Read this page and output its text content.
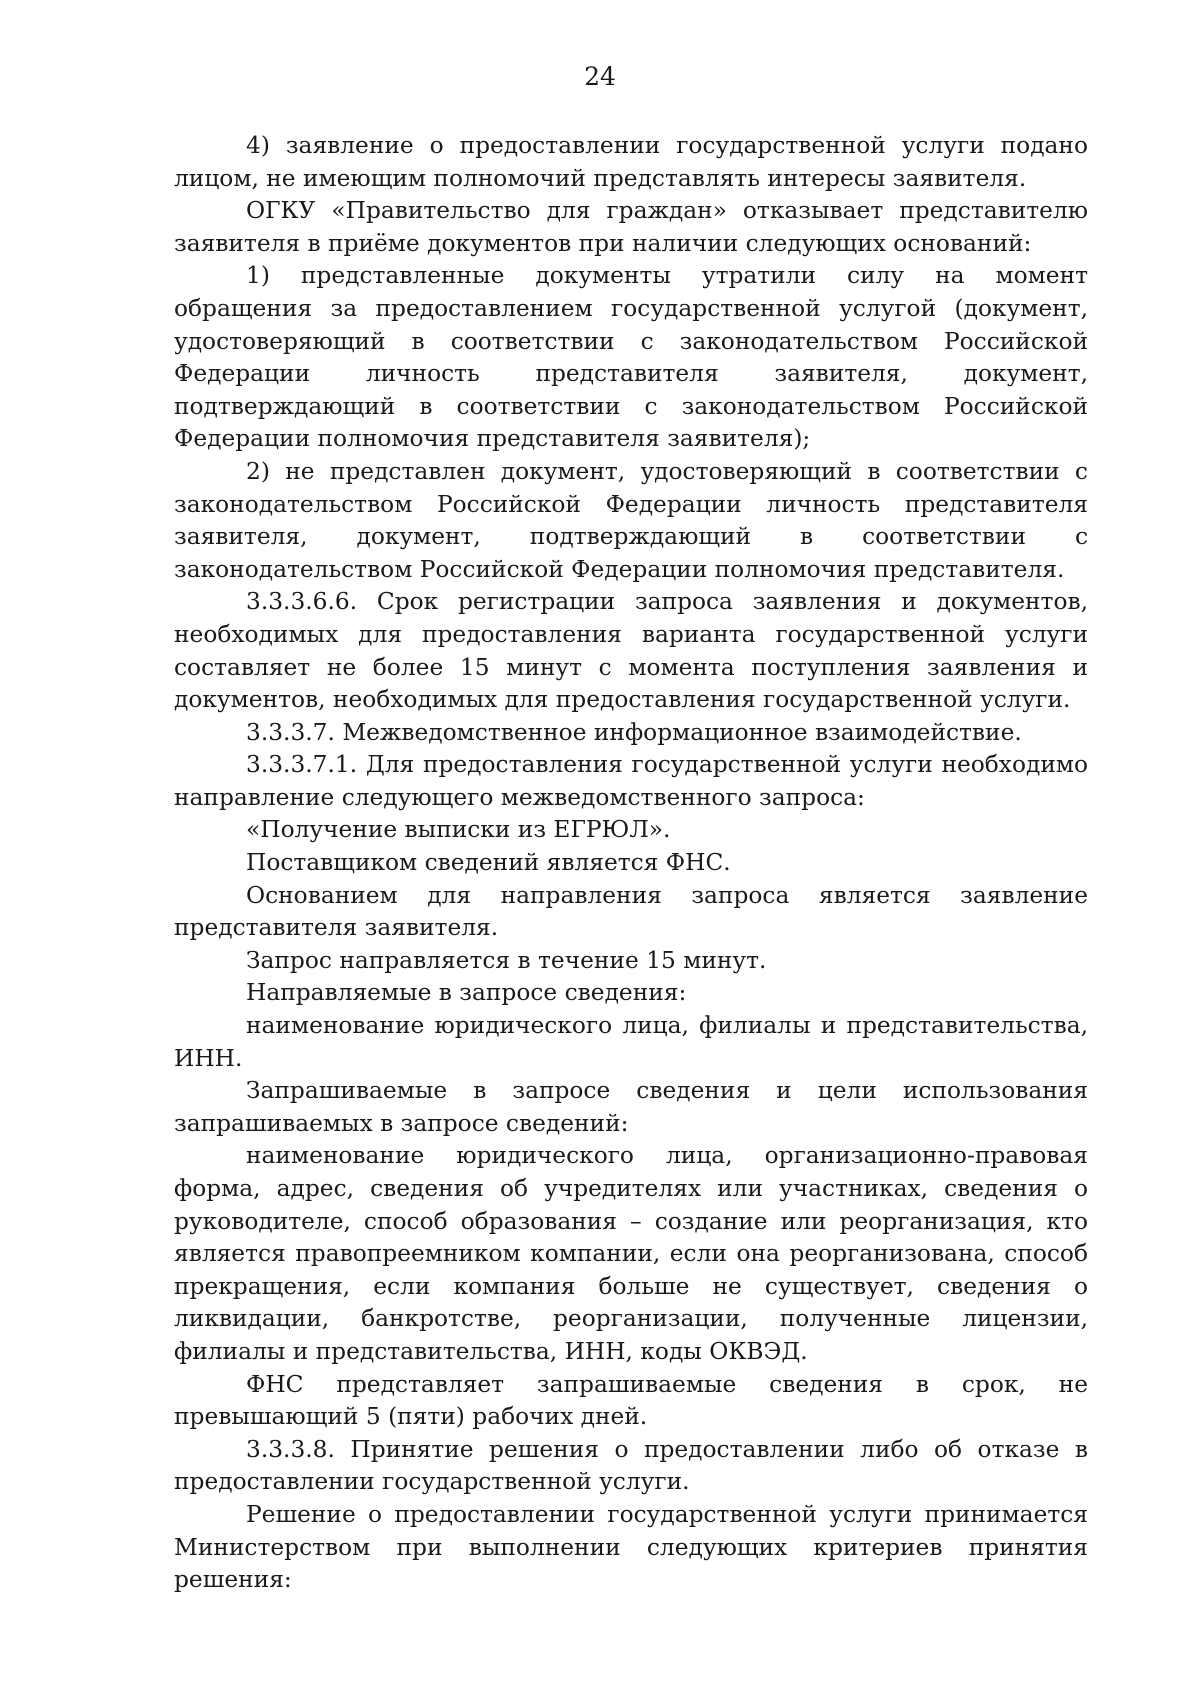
24

4) заявление о предоставлении государственной услуги подано лицом, не имеющим полномочий представлять интересы заявителя.

ОГКУ «Правительство для граждан» отказывает представителю заявителя в приёме документов при наличии следующих оснований:

1) представленные документы утратили силу на момент обращения за предоставлением государственной услугой (документ, удостоверяющий в соответствии с законодательством Российской Федерации личность представителя заявителя, документ, подтверждающий в соответствии с законодательством Российской Федерации полномочия представителя заявителя);

2) не представлен документ, удостоверяющий в соответствии с законодательством Российской Федерации личность представителя заявителя, документ, подтверждающий в соответствии с законодательством Российской Федерации полномочия представителя.

3.3.3.6.6. Срок регистрации запроса заявления и документов, необходимых для предоставления варианта государственной услуги составляет не более 15 минут с момента поступления заявления и документов, необходимых для предоставления государственной услуги.

3.3.3.7. Межведомственное информационное взаимодействие.

3.3.3.7.1. Для предоставления государственной услуги необходимо направление следующего межведомственного запроса:

«Получение выписки из ЕГРЮЛ».

Поставщиком сведений является ФНС.

Основанием для направления запроса является заявление представителя заявителя.

Запрос направляется в течение 15 минут.

Направляемые в запросе сведения:

наименование юридического лица, филиалы и представительства, ИНН.

Запрашиваемые в запросе сведения и цели использования запрашиваемых в запросе сведений:

наименование юридического лица, организационно-правовая форма, адрес, сведения об учредителях или участниках, сведения о руководителе, способ образования – создание или реорганизация, кто является правопреемником компании, если она реорганизована, способ прекращения, если компания больше не существует, сведения о ликвидации, банкротстве, реорганизации, полученные лицензии, филиалы и представительства, ИНН, коды ОКВЭД.

ФНС представляет запрашиваемые сведения в срок, не превышающий 5 (пяти) рабочих дней.

3.3.3.8. Принятие решения о предоставлении либо об отказе в предоставлении государственной услуги.

Решение о предоставлении государственной услуги принимается Министерством при выполнении следующих критериев принятия решения:
